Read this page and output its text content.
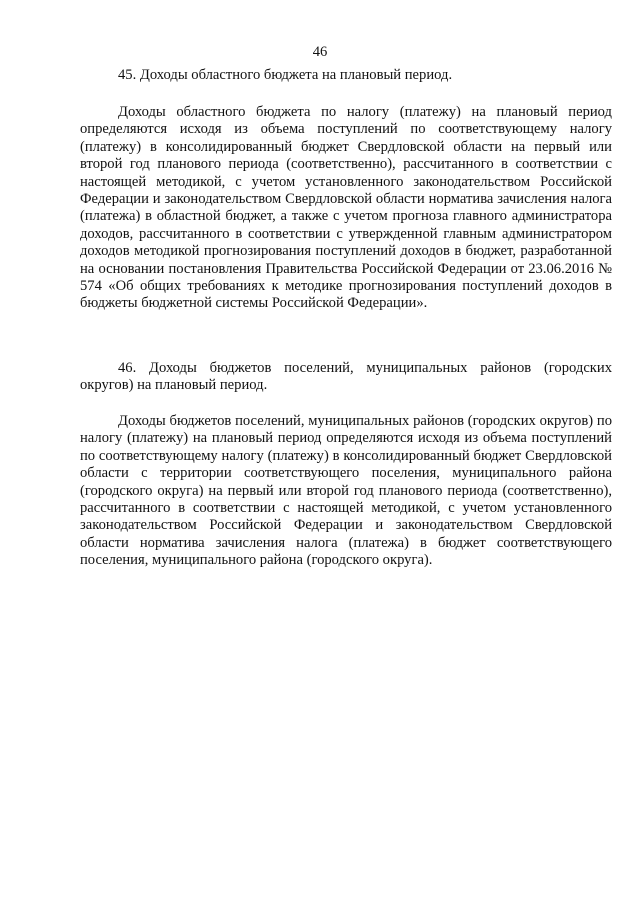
46

45. Доходы областного бюджета на плановый период.

Доходы областного бюджета по налогу (платежу) на плановый период определяются исходя из объема поступлений по соответствующему налогу (платежу) в консолидированный бюджет Свердловской области на первый или второй год планового периода (соответственно), рассчитанного в соответствии с настоящей методикой, с учетом установленного законодательством Российской Федерации и законодательством Свердловской области норматива зачисления налога (платежа) в областной бюджет, а также с учетом прогноза главного администратора доходов, рассчитанного в соответствии с утвержденной главным администратором доходов методикой прогнозирования поступлений доходов в бюджет, разработанной на основании постановления Правительства Российской Федерации от 23.06.2016 № 574 «Об общих требованиях к методике прогнозирования поступлений доходов в бюджеты бюджетной системы Российской Федерации».

46. Доходы бюджетов поселений, муниципальных районов (городских округов) на плановый период.

Доходы бюджетов поселений, муниципальных районов (городских округов) по налогу (платежу) на плановый период определяются исходя из объема поступлений по соответствующему налогу (платежу) в консолидированный бюджет Свердловской области с территории соответствующего поселения, муниципального района (городского округа) на первый или второй год планового периода (соответственно), рассчитанного в соответствии с настоящей методикой, с учетом установленного законодательством Российской Федерации и законодательством Свердловской области норматива зачисления налога (платежа) в бюджет соответствующего поселения, муниципального района (городского округа).
